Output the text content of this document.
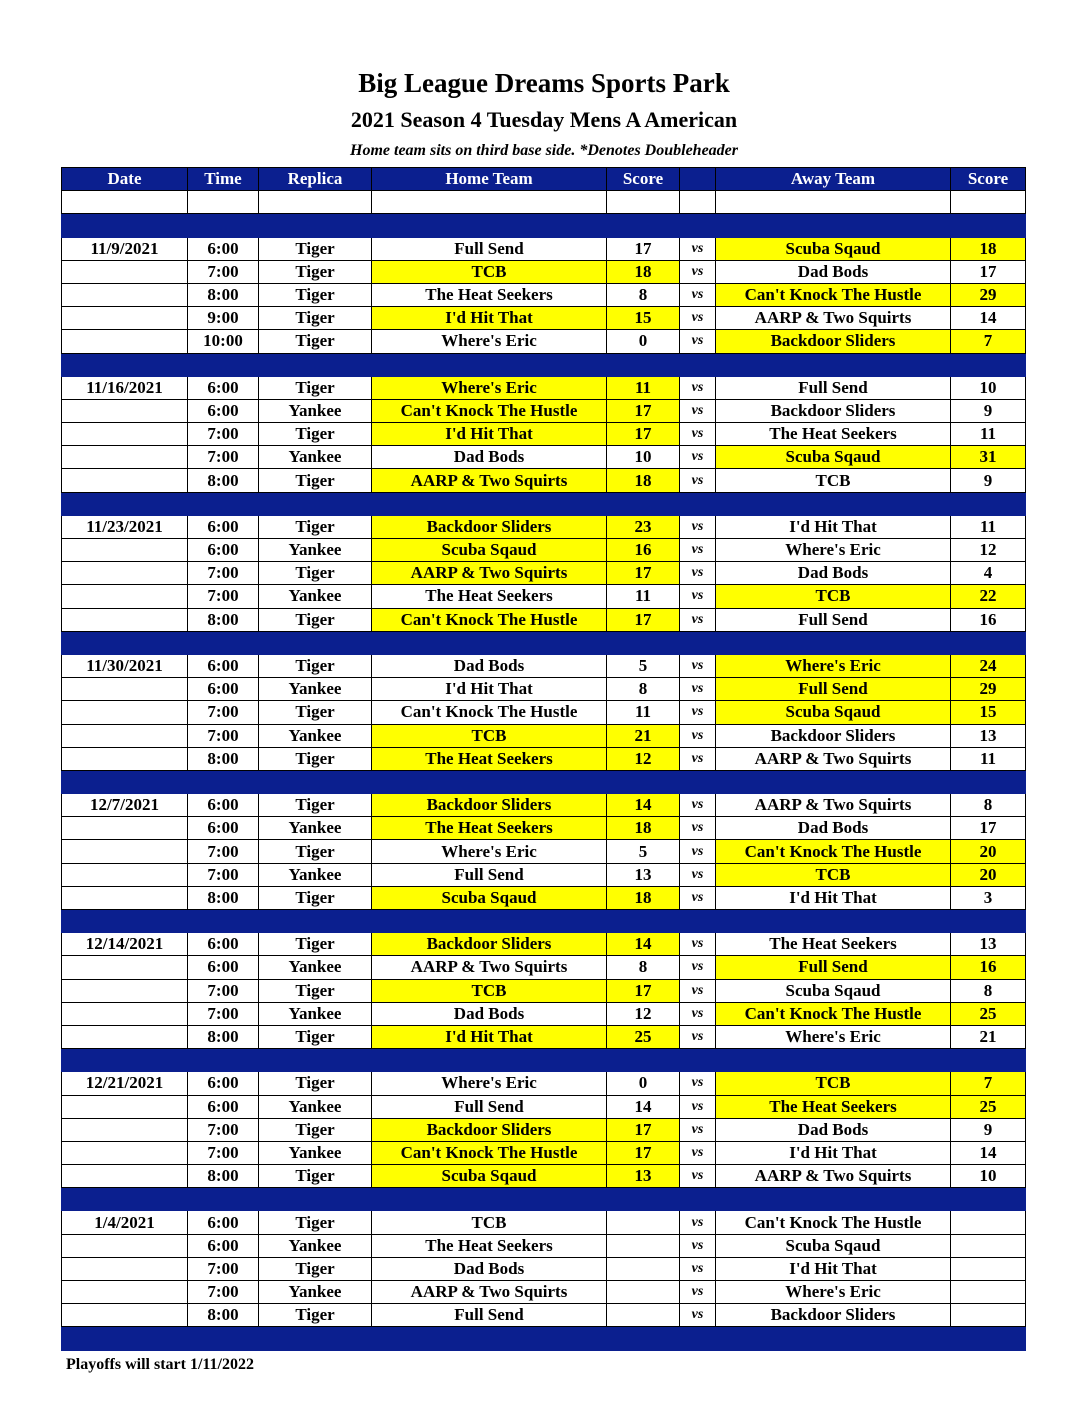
Big League Dreams Sports Park
2021 Season 4 Tuesday Mens A American
Home team sits on third base side. *Denotes Doubleheader
Date	Time	Replica	Home Team	Score		Away Team	Score

11/9/2021	6:00	Tiger	Full Send	17	vs	Scuba Sqaud	18
	7:00	Tiger	TCB	18	vs	Dad Bods	17
	8:00	Tiger	The Heat Seekers	8	vs	Can't Knock The Hustle	29
	9:00	Tiger	I'd Hit That	15	vs	AARP & Two Squirts	14
	10:00	Tiger	Where's Eric	0	vs	Backdoor Sliders	7

11/16/2021	6:00	Tiger	Where's Eric	11	vs	Full Send	10
	6:00	Yankee	Can't Knock The Hustle	17	vs	Backdoor Sliders	9
	7:00	Tiger	I'd Hit That	17	vs	The Heat Seekers	11
	7:00	Yankee	Dad Bods	10	vs	Scuba Sqaud	31
	8:00	Tiger	AARP & Two Squirts	18	vs	TCB	9

11/23/2021	6:00	Tiger	Backdoor Sliders	23	vs	I'd Hit That	11
	6:00	Yankee	Scuba Sqaud	16	vs	Where's Eric	12
	7:00	Tiger	AARP & Two Squirts	17	vs	Dad Bods	4
	7:00	Yankee	The Heat Seekers	11	vs	TCB	22
	8:00	Tiger	Can't Knock The Hustle	17	vs	Full Send	16

11/30/2021	6:00	Tiger	Dad Bods	5	vs	Where's Eric	24
	6:00	Yankee	I'd Hit That	8	vs	Full Send	29
	7:00	Tiger	Can't Knock The Hustle	11	vs	Scuba Sqaud	15
	7:00	Yankee	TCB	21	vs	Backdoor Sliders	13
	8:00	Tiger	The Heat Seekers	12	vs	AARP & Two Squirts	11

12/7/2021	6:00	Tiger	Backdoor Sliders	14	vs	AARP & Two Squirts	8
	6:00	Yankee	The Heat Seekers	18	vs	Dad Bods	17
	7:00	Tiger	Where's Eric	5	vs	Can't Knock The Hustle	20
	7:00	Yankee	Full Send	13	vs	TCB	20
	8:00	Tiger	Scuba Sqaud	18	vs	I'd Hit That	3

12/14/2021	6:00	Tiger	Backdoor Sliders	14	vs	The Heat Seekers	13
	6:00	Yankee	AARP & Two Squirts	8	vs	Full Send	16
	7:00	Tiger	TCB	17	vs	Scuba Sqaud	8
	7:00	Yankee	Dad Bods	12	vs	Can't Knock The Hustle	25
	8:00	Tiger	I'd Hit That	25	vs	Where's Eric	21

12/21/2021	6:00	Tiger	Where's Eric	0	vs	TCB	7
	6:00	Yankee	Full Send	14	vs	The Heat Seekers	25
	7:00	Tiger	Backdoor Sliders	17	vs	Dad Bods	9
	7:00	Yankee	Can't Knock The Hustle	17	vs	I'd Hit That	14
	8:00	Tiger	Scuba Sqaud	13	vs	AARP & Two Squirts	10

1/4/2021	6:00	Tiger	TCB		vs	Can't Knock The Hustle	
	6:00	Yankee	The Heat Seekers		vs	Scuba Sqaud	
	7:00	Tiger	Dad Bods		vs	I'd Hit That	
	7:00	Yankee	AARP & Two Squirts		vs	Where's Eric	
	8:00	Tiger	Full Send		vs	Backdoor Sliders	

Playoffs will start 1/11/2022
